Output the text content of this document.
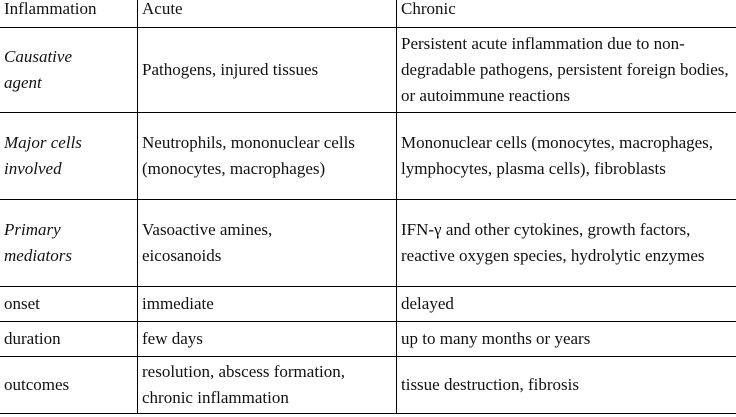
Inflammation	Acute	Chronic

Causative agent	Pathogens, injured tissues	Persistent acute inflammation due to non-degradable pathogens, persistent foreign bodies, or autoimmune reactions

Major cells involved	Neutrophils, mononuclear cells (monocytes, macrophages)	Mononuclear cells (monocytes, macrophages, lymphocytes, plasma cells), fibroblasts

Primary mediators	Vasoactive amines, eicosanoids	IFN-γ and other cytokines, growth factors, reactive oxygen species, hydrolytic enzymes
onset	immediate	delayed
duration	few days	up to many months or years
outcomes	resolution, abscess formation, chronic inflammation	tissue destruction, fibrosis
